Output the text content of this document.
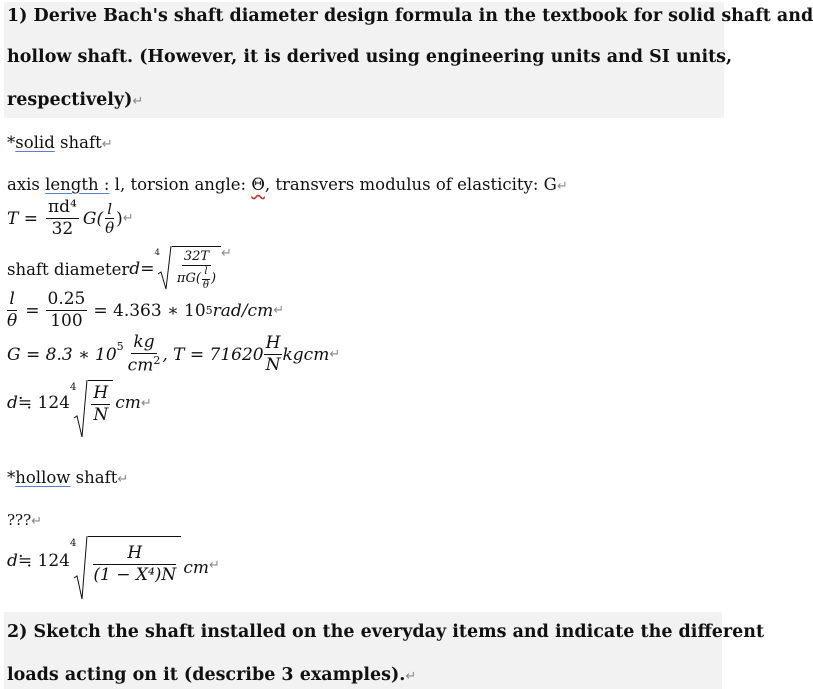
1) Derive Bach's shaft diameter design formula in the textbook for solid shaft and
hollow shaft. (However, it is derived using engineering units and SI units,
respectively)↵
*solid shaft↵
axis length : l, torsion angle: Θ, transvers modulus of elasticity: G↵
$T = \frac{\text{πd⁴}}{32} G( \frac{l}{\theta}$ ) ↵
shaft diameter d =
4 32T
$\pi G( \frac{l}{\theta}$ )
↵
$\frac{l}{\theta} = \frac{0.25}{100} = 4.363$ ∗ 10 5 rad/cm ↵
G = 8.3 ∗ $10^5 \frac{kg}{cm^2}$ , T = 71620
H
N
kgcm ↵
d ≒ 124
$4 \frac{H}{N}$ cm ↵
*hollow shaft↵
???↵
d ≒ 124
$4 \frac{H}{\text{(1 − X⁴)N}}$ cm ↵
2) Sketch the shaft installed on the everyday items and indicate the different
loads acting on it (describe 3 examples).↵
